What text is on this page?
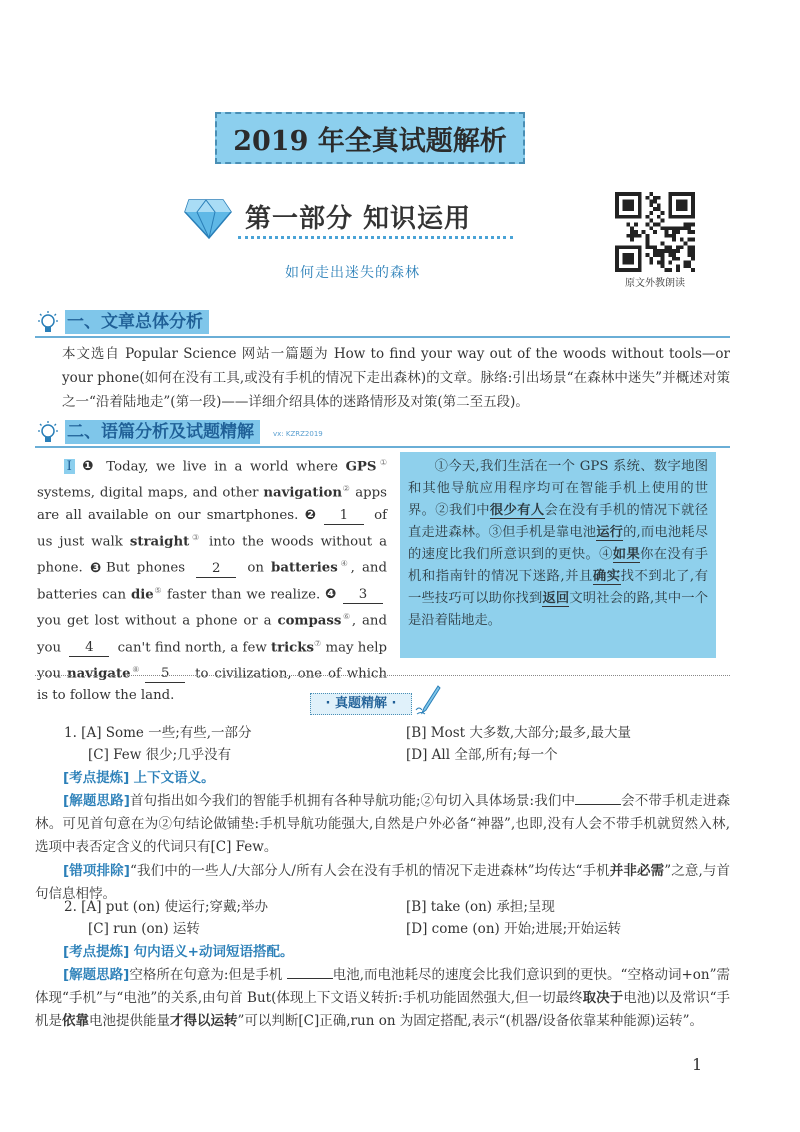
2019 年全真试题解析
第一部分 知识运用
如何走出迷失的森林
原文外教朗读
一、文章总体分析
本文选自 Popular Science 网站一篇题为 How to find your way out of the woods without tools—or your phone(如何在没有工具,或没有手机的情况下走出森林)的文章。脉络:引出场景“在森林中迷失”并概述对策之一“沿着陆地走”(第一段)——详细介绍具体的迷路情形及对策(第二至五段)。
二、语篇分析及试题精解	vx: KZRZ2019
I ❶ Today, we live in a world where GPS① systems, digital maps, and other navigation② apps are all available on our smartphones. ❷ 1 of us just walk straight③ into the woods without a phone. ❸ But phones 2 on batteries④, and batteries can die⑤ faster than we realize. ❹ 3 you get lost without a phone or a compass⑥, and you 4 can't find north, a few tricks⑦ may help you navigate⑧ 5 to civilization, one of which is to follow the land.
①今天,我们生活在一个 GPS 系统、数字地图和其他导航应用程序均可在智能手机上使用的世界。②我们中很少有人会在没有手机的情况下就径直走进森林。③但手机是靠电池运行的,而电池耗尽的速度比我们所意识到的更快。④如果你在没有手机和指南针的情况下迷路,并且确实找不到北了,有一些技巧可以助你找到返回文明社会的路,其中一个是沿着陆地走。
· 真题精解 ·
1. [A] Some 一些;有些,一部分	[B] Most 大多数,大部分;最多,最大量
[C] Few 很少;几乎没有	[D] All 全部,所有;每一个
[考点提炼] 上下文语义。
[解题思路]首句指出如今我们的智能手机拥有各种导航功能;②句切入具体场景:我们中	会不带手机走进森林。可见首句意在为②句结论做铺垫:手机导航功能强大,自然是户外必备“神器”,也即,没有人会不带手机就贸然入林,选项中表否定含义的代词只有[C] Few。
[错项排除]“我们中的一些人/大部分人/所有人会在没有手机的情况下走进森林”均传达“手机并非必需”之意,与首句信息相悖。
2. [A] put (on) 使运行;穿戴;举办	[B] take (on) 承担;呈现
[C] run (on) 运转	[D] come (on) 开始;进展;开始运转
[考点提炼] 句内语义+动词短语搭配。
[解题思路]空格所在句意为:但是手机	电池,而电池耗尽的速度会比我们意识到的更快。“空格动词+on”需体现“手机”与“电池”的关系,由句首 But(体现上下文语义转折:手机功能固然强大,但一切最终取决于电池)以及常识“手机是依靠电池提供能量才得以运转”可以判断[C]正确,run on 为固定搭配,表示“(机器/设备依靠某种能源)运转”。
1
